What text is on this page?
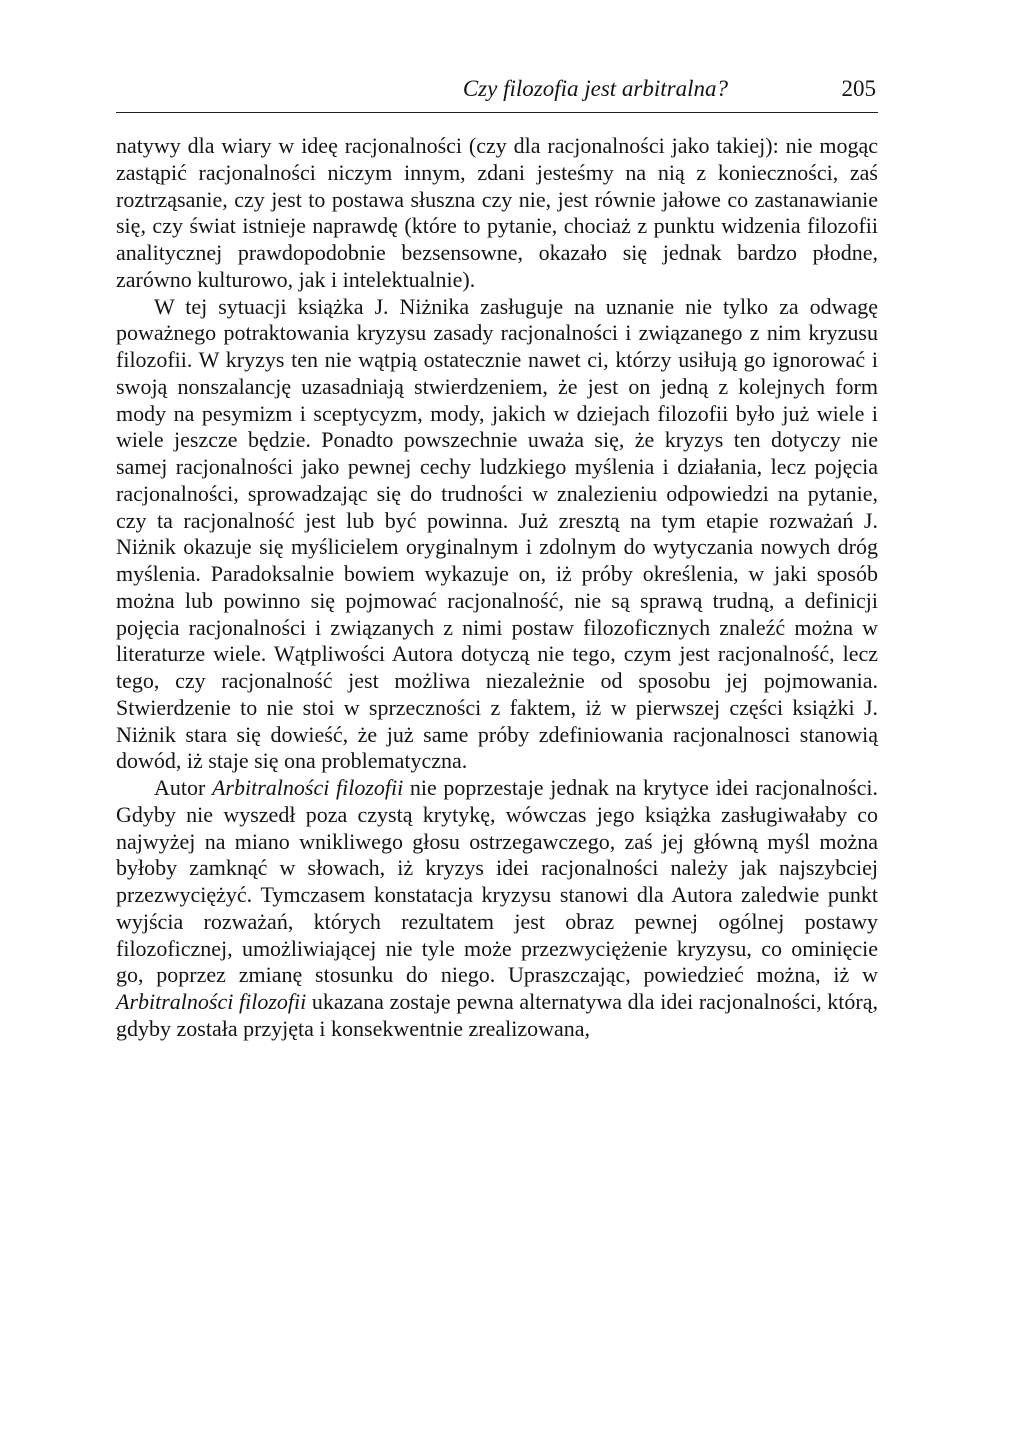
Czy filozofia jest arbitralna?	205

natywy dla wiary w ideę racjonalności (czy dla racjonalności jako takiej): nie mogąc zastąpić racjonalności niczym innym, zdani jesteśmy na nią z konieczności, zaś roztrząsanie, czy jest to postawa słuszna czy nie, jest równie jałowe co zastanawianie się, czy świat istnieje naprawdę (które to pytanie, chociaż z punktu widzenia filozofii analitycznej prawdopodobnie bezsensowne, okazało się jednak bardzo płodne, zarówno kulturowo, jak i intelektualnie).

W tej sytuacji książka J. Niżnika zasługuje na uznanie nie tylko za odwagę poważnego potraktowania kryzysu zasady racjonalności i związanego z nim kryzusu filozofii. W kryzys ten nie wątpią ostatecznie nawet ci, którzy usiłują go ignorować i swoją nonszalancję uzasadniają stwierdzeniem, że jest on jedną z kolejnych form mody na pesymizm i sceptycyzm, mody, jakich w dziejach filozofii było już wiele i wiele jeszcze będzie. Ponadto powszechnie uważa się, że kryzys ten dotyczy nie samej racjonalności jako pewnej cechy ludzkiego myślenia i działania, lecz pojęcia racjonalności, sprowadzając się do trudności w znalezieniu odpowiedzi na pytanie, czy ta racjonalność jest lub być powinna. Już zresztą na tym etapie rozważań J. Niżnik okazuje się myślicielem oryginalnym i zdolnym do wytyczania nowych dróg myślenia. Paradoksalnie bowiem wykazuje on, iż próby określenia, w jaki sposób można lub powinno się pojmować racjonalność, nie są sprawą trudną, a definicji pojęcia racjonalności i związanych z nimi postaw filozoficznych znaleźć można w literaturze wiele. Wątpliwości Autora dotyczą nie tego, czym jest racjonalność, lecz tego, czy racjonalność jest możliwa niezależnie od sposobu jej pojmowania. Stwierdzenie to nie stoi w sprzeczności z faktem, iż w pierwszej części książki J. Niżnik stara się dowieść, że już same próby zdefiniowania racjonalnosci stanowią dowód, iż staje się ona problematyczna.

Autor Arbitralności filozofii nie poprzestaje jednak na krytyce idei racjonalności. Gdyby nie wyszedł poza czystą krytykę, wówczas jego książka zasługiwałaby co najwyżej na miano wnikliwego głosu ostrzegawczego, zaś jej główną myśl można byłoby zamknąć w słowach, iż kryzys idei racjonalności należy jak najszybciej przezwyciężyć. Tymczasem konstatacja kryzysu stanowi dla Autora zaledwie punkt wyjścia rozważań, których rezultatem jest obraz pewnej ogólnej postawy filozoficznej, umożliwiającej nie tyle może przezwyciężenie kryzysu, co ominięcie go, poprzez zmianę stosunku do niego. Upraszczając, powiedzieć można, iż w Arbitralności filozofii ukazana zostaje pewna alternatywa dla idei racjonalności, którą, gdyby została przyjęta i konsekwentnie zrealizowana,
